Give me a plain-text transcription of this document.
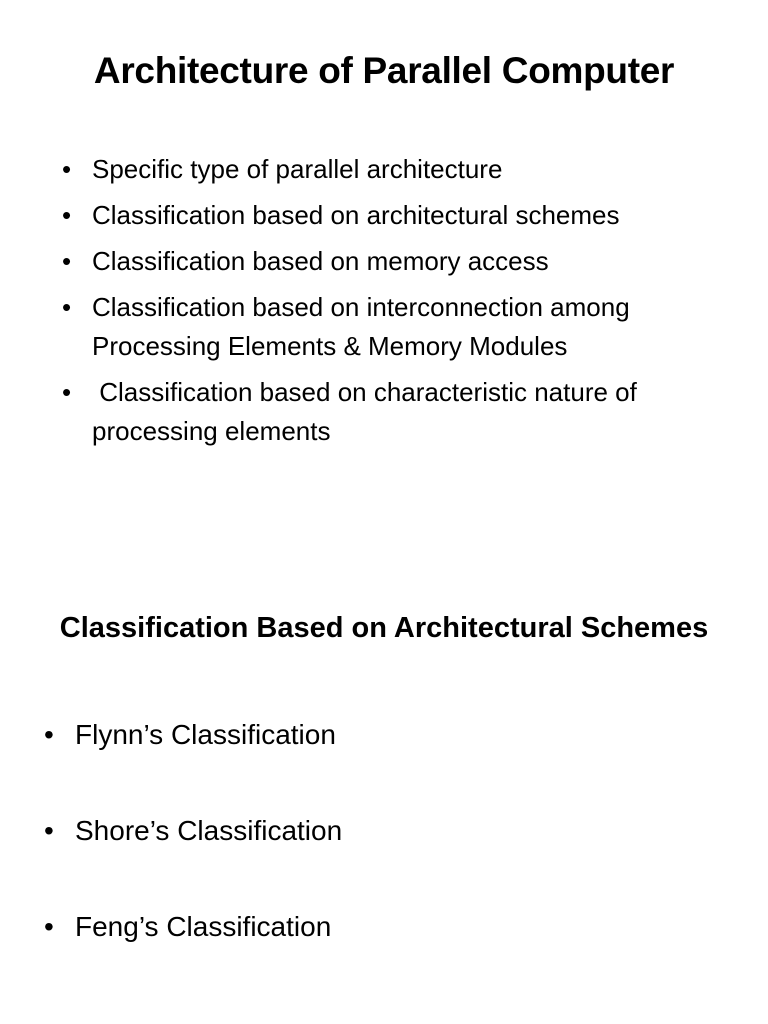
Architecture of Parallel Computer
• Specific type of parallel architecture
• Classification based on architectural schemes
• Classification based on memory access
• Classification based on interconnection among Processing Elements & Memory Modules
• Classification based on characteristic nature of processing elements
Classification Based on Architectural Schemes
• Flynn’s Classification
• Shore’s Classification
• Feng’s Classification
